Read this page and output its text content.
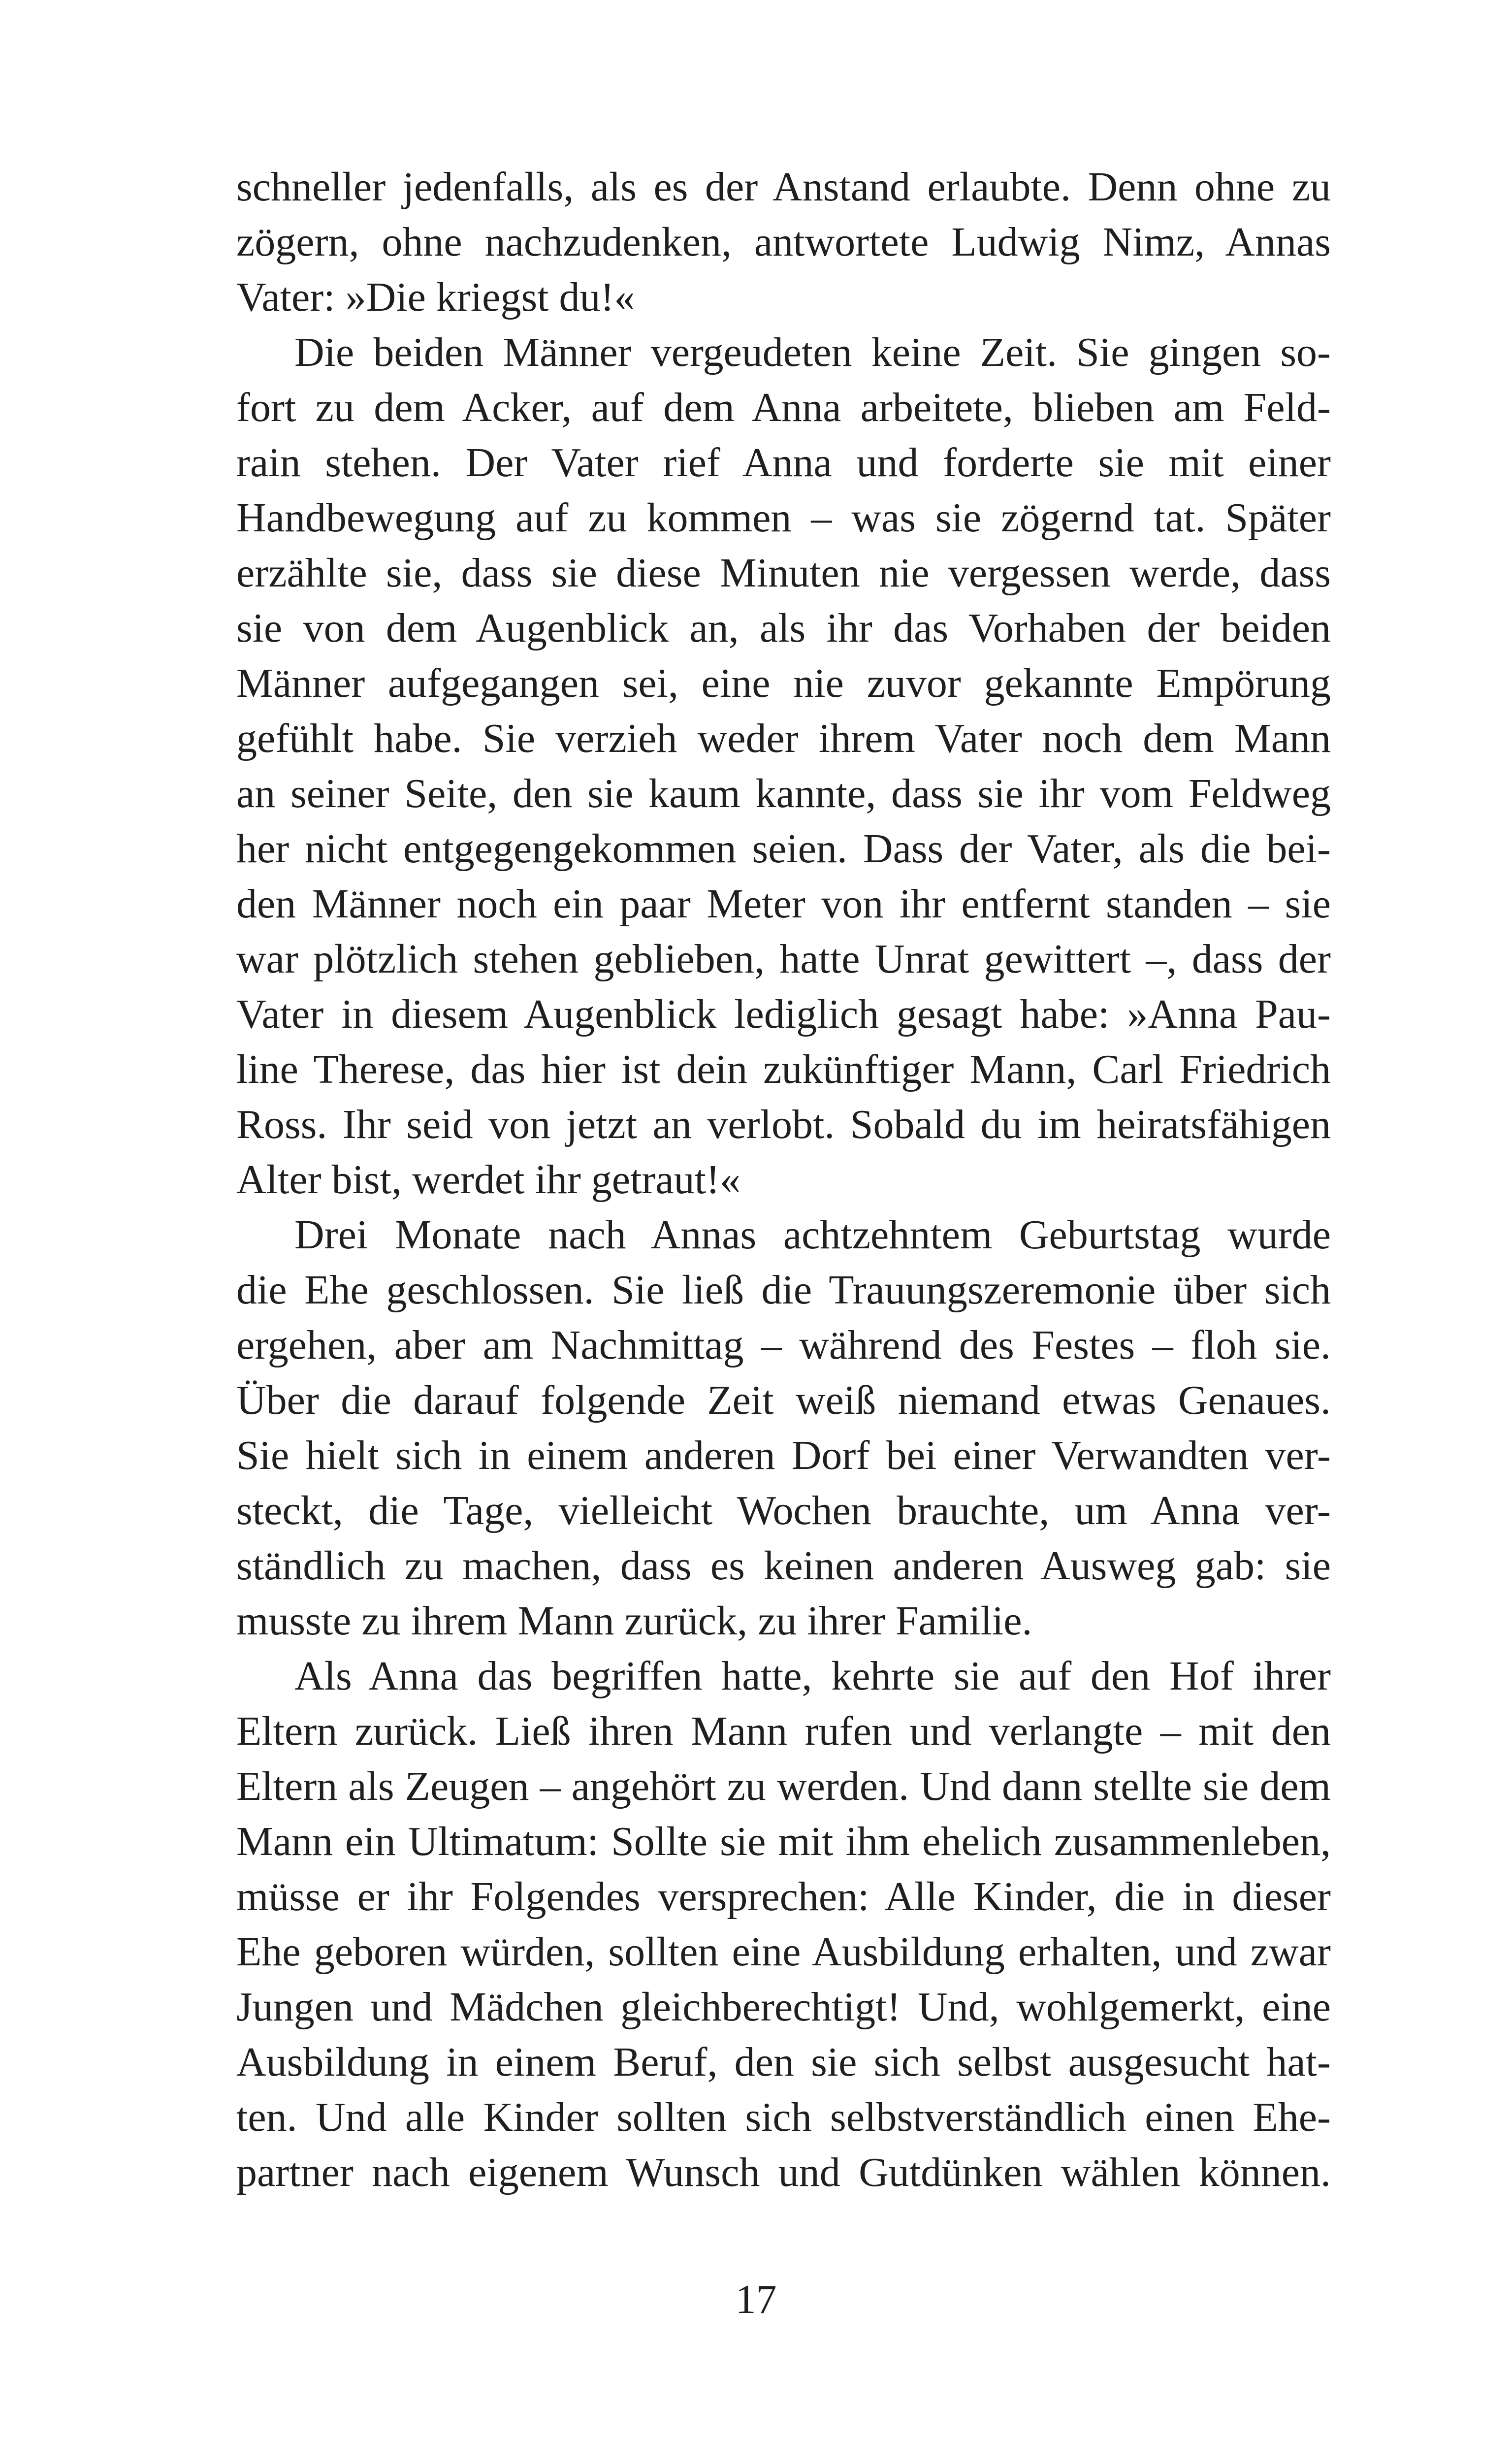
schneller jedenfalls, als es der Anstand erlaubte. Denn ohne zu
zögern, ohne nachzudenken, antwortete Ludwig Nimz, Annas
Vater: »Die kriegst du!«
Die beiden Männer vergeudeten keine Zeit. Sie gingen so-
fort zu dem Acker, auf dem Anna arbeitete, blieben am Feld-
rain stehen. Der Vater rief Anna und forderte sie mit einer
Handbewegung auf zu kommen – was sie zögernd tat. Später
erzählte sie, dass sie diese Minuten nie vergessen werde, dass
sie von dem Augenblick an, als ihr das Vorhaben der beiden
Männer aufgegangen sei, eine nie zuvor gekannte Empörung
gefühlt habe. Sie verzieh weder ihrem Vater noch dem Mann
an seiner Seite, den sie kaum kannte, dass sie ihr vom Feldweg
her nicht entgegengekommen seien. Dass der Vater, als die bei-
den Männer noch ein paar Meter von ihr entfernt standen – sie
war plötzlich stehen geblieben, hatte Unrat gewittert –, dass der
Vater in diesem Augenblick lediglich gesagt habe: »Anna Pau-
line Therese, das hier ist dein zukünftiger Mann, Carl Friedrich
Ross. Ihr seid von jetzt an verlobt. Sobald du im heiratsfähigen
Alter bist, werdet ihr getraut!«
Drei Monate nach Annas achtzehntem Geburtstag wurde
die Ehe geschlossen. Sie ließ die Trauungszeremonie über sich
ergehen, aber am Nachmittag – während des Festes – floh sie.
Über die darauf folgende Zeit weiß niemand etwas Genaues.
Sie hielt sich in einem anderen Dorf bei einer Verwandten ver-
steckt, die Tage, vielleicht Wochen brauchte, um Anna ver-
ständlich zu machen, dass es keinen anderen Ausweg gab: sie
musste zu ihrem Mann zurück, zu ihrer Familie.
Als Anna das begriffen hatte, kehrte sie auf den Hof ihrer
Eltern zurück. Ließ ihren Mann rufen und verlangte – mit den
Eltern als Zeugen – angehört zu werden. Und dann stellte sie dem
Mann ein Ultimatum: Sollte sie mit ihm ehelich zusammenleben,
müsse er ihr Folgendes versprechen: Alle Kinder, die in dieser
Ehe geboren würden, sollten eine Ausbildung erhalten, und zwar
Jungen und Mädchen gleichberechtigt! Und, wohlgemerkt, eine
Ausbildung in einem Beruf, den sie sich selbst ausgesucht hat-
ten. Und alle Kinder sollten sich selbstverständlich einen Ehe-
partner nach eigenem Wunsch und Gutdünken wählen können.
17
